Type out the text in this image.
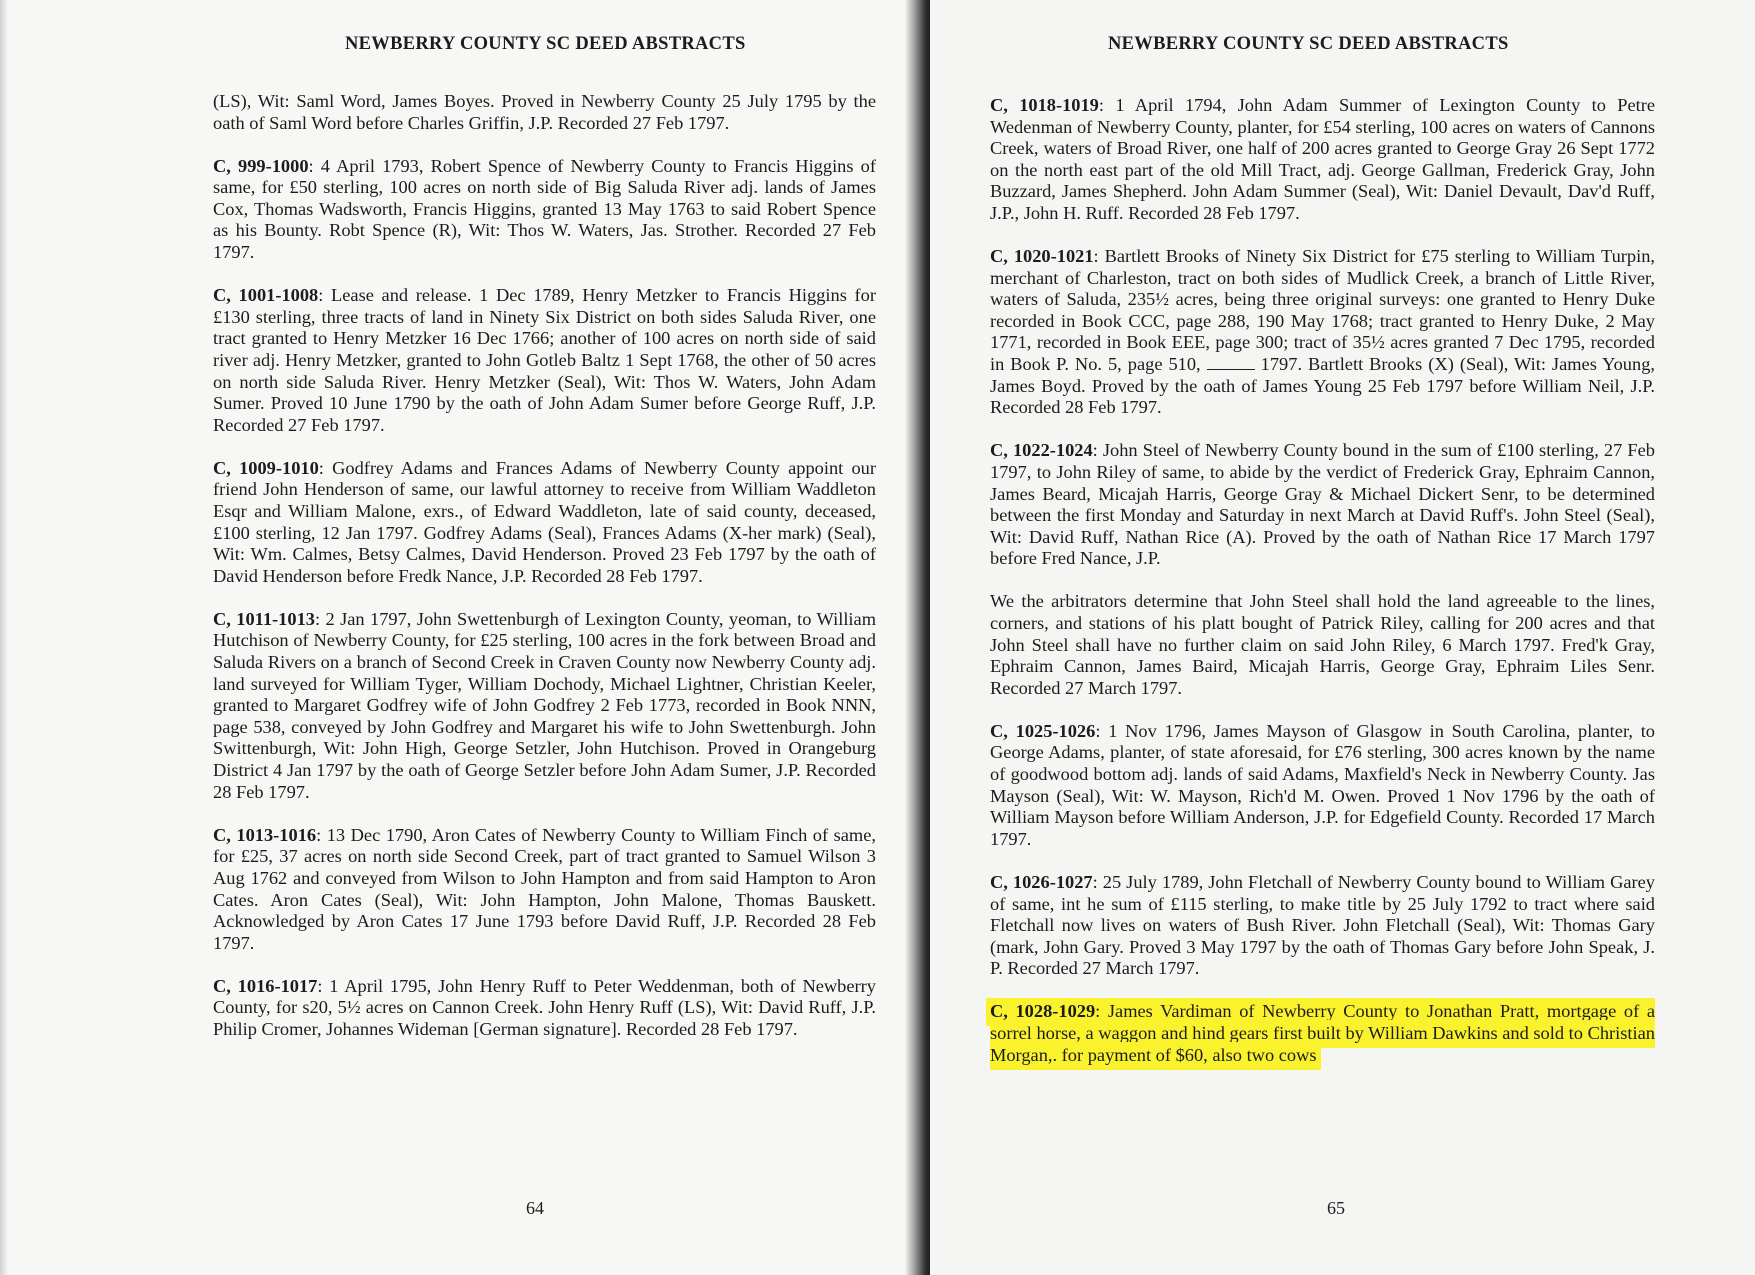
NEWBERRY COUNTY SC DEED ABSTRACTS

(LS), Wit: Saml Word, James Boyes. Proved in Newberry County 25 July 1795 by the oath of Saml Word before Charles Griffin, J.P. Recorded 27 Feb 1797.

C, 999-1000: 4 April 1793, Robert Spence of Newberry County to Francis Higgins of same, for £50 sterling, 100 acres on north side of Big Saluda River adj. lands of James Cox, Thomas Wadsworth, Francis Higgins, granted 13 May 1763 to said Robert Spence as his Bounty. Robt Spence (R), Wit: Thos W. Waters, Jas. Strother. Recorded 27 Feb 1797.

C, 1001-1008: Lease and release. 1 Dec 1789, Henry Metzker to Francis Higgins for £130 sterling, three tracts of land in Ninety Six District on both sides Saluda River, one tract granted to Henry Metzker 16 Dec 1766; another of 100 acres on north side of said river adj. Henry Metzker, granted to John Gotleb Baltz 1 Sept 1768, the other of 50 acres on north side Saluda River. Henry Metzker (Seal), Wit: Thos W. Waters, John Adam Sumer. Proved 10 June 1790 by the oath of John Adam Sumer before George Ruff, J.P. Recorded 27 Feb 1797.

C, 1009-1010: Godfrey Adams and Frances Adams of Newberry County appoint our friend John Henderson of same, our lawful attorney to receive from William Waddleton Esqr and William Malone, exrs., of Edward Waddleton, late of said county, deceased, £100 sterling, 12 Jan 1797. Godfrey Adams (Seal), Frances Adams (X-her mark) (Seal), Wit: Wm. Calmes, Betsy Calmes, David Henderson. Proved 23 Feb 1797 by the oath of David Henderson before Fredk Nance, J.P. Recorded 28 Feb 1797.

C, 1011-1013: 2 Jan 1797, John Swettenburgh of Lexington County, yeoman, to William Hutchison of Newberry County, for £25 sterling, 100 acres in the fork between Broad and Saluda Rivers on a branch of Second Creek in Craven County now Newberry County adj. land surveyed for William Tyger, William Dochody, Michael Lightner, Christian Keeler, granted to Margaret Godfrey wife of John Godfrey 2 Feb 1773, recorded in Book NNN, page 538, conveyed by John Godfrey and Margaret his wife to John Swettenburgh. John Swittenburgh, Wit: John High, George Setzler, John Hutchison. Proved in Orangeburg District 4 Jan 1797 by the oath of George Setzler before John Adam Sumer, J.P. Recorded 28 Feb 1797.

C, 1013-1016: 13 Dec 1790, Aron Cates of Newberry County to William Finch of same, for £25, 37 acres on north side Second Creek, part of tract granted to Samuel Wilson 3 Aug 1762 and conveyed from Wilson to John Hampton and from said Hampton to Aron Cates. Aron Cates (Seal), Wit: John Hampton, John Malone, Thomas Bauskett. Acknowledged by Aron Cates 17 June 1793 before David Ruff, J.P. Recorded 28 Feb 1797.

C, 1016-1017: 1 April 1795, John Henry Ruff to Peter Weddenman, both of Newberry County, for s20, 5½ acres on Cannon Creek. John Henry Ruff (LS), Wit: David Ruff, J.P. Philip Cromer, Johannes Wideman [German signature]. Recorded 28 Feb 1797.

64
NEWBERRY COUNTY SC DEED ABSTRACTS

C, 1018-1019: 1 April 1794, John Adam Summer of Lexington County to Petre Wedenman of Newberry County, planter, for £54 sterling, 100 acres on waters of Cannons Creek, waters of Broad River, one half of 200 acres granted to George Gray 26 Sept 1772 on the north east part of the old Mill Tract, adj. George Gallman, Frederick Gray, John Buzzard, James Shepherd. John Adam Summer (Seal), Wit: Daniel Devault, Dav'd Ruff, J.P., John H. Ruff. Recorded 28 Feb 1797.

C, 1020-1021: Bartlett Brooks of Ninety Six District for £75 sterling to William Turpin, merchant of Charleston, tract on both sides of Mudlick Creek, a branch of Little River, waters of Saluda, 235½ acres, being three original surveys: one granted to Henry Duke recorded in Book CCC, page 288, 190 May 1768; tract granted to Henry Duke, 2 May 1771, recorded in Book EEE, page 300; tract of 35½ acres granted 7 Dec 1795, recorded in Book P. No. 5, page 510,	1797. Bartlett Brooks (X) (Seal), Wit: James Young, James Boyd. Proved by the oath of James Young 25 Feb 1797 before William Neil, J.P. Recorded 28 Feb 1797.

C, 1022-1024: John Steel of Newberry County bound in the sum of £100 sterling, 27 Feb 1797, to John Riley of same, to abide by the verdict of Frederick Gray, Ephraim Cannon, James Beard, Micajah Harris, George Gray & Michael Dickert Senr, to be determined between the first Monday and Saturday in next March at David Ruff's. John Steel (Seal), Wit: David Ruff, Nathan Rice (A). Proved by the oath of Nathan Rice 17 March 1797 before Fred Nance, J.P.

We the arbitrators determine that John Steel shall hold the land agreeable to the lines, corners, and stations of his platt bought of Patrick Riley, calling for 200 acres and that John Steel shall have no further claim on said John Riley, 6 March 1797. Fred'k Gray, Ephraim Cannon, James Baird, Micajah Harris, George Gray, Ephraim Liles Senr. Recorded 27 March 1797.

C, 1025-1026: 1 Nov 1796, James Mayson of Glasgow in South Carolina, planter, to George Adams, planter, of state aforesaid, for £76 sterling, 300 acres known by the name of goodwood bottom adj. lands of said Adams, Maxfield's Neck in Newberry County. Jas Mayson (Seal), Wit: W. Mayson, Rich'd M. Owen. Proved 1 Nov 1796 by the oath of William Mayson before William Anderson, J.P. for Edgefield County. Recorded 17 March 1797.

C, 1026-1027: 25 July 1789, John Fletchall of Newberry County bound to William Garey of same, int he sum of £115 sterling, to make title by 25 July 1792 to tract where said Fletchall now lives on waters of Bush River. John Fletchall (Seal), Wit: Thomas Gary (mark, John Gary. Proved 3 May 1797 by the oath of Thomas Gary before John Speak, J. P. Recorded 27 March 1797.

C, 1028-1029: James Vardiman of Newberry County to Jonathan Pratt, mortgage of a sorrel horse, a waggon and hind gears first built by William Dawkins and sold to Christian Morgan,. for payment of $60, also two cows

65
